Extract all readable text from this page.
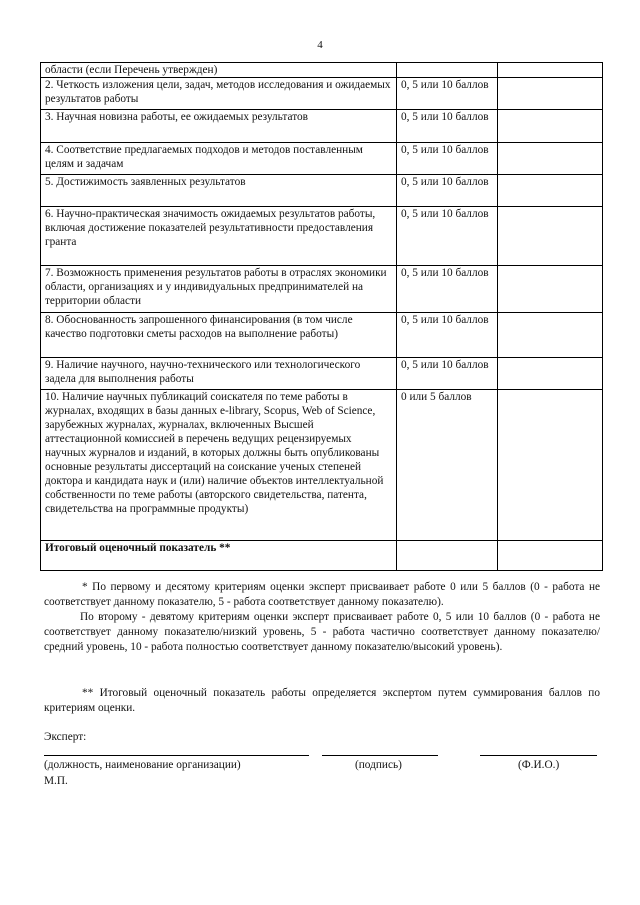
4
области (если Перечень утвержден)		
2. Четкость изложения цели, задач, методов исследования и ожидаемых результатов работы	0, 5 или 10 баллов	
3. Научная новизна работы, ее ожидаемых результатов	0, 5 или 10 баллов	
4. Соответствие предлагаемых подходов и методов поставленным целям и задачам	0, 5 или 10 баллов	
5. Достижимость заявленных результатов	0, 5 или 10 баллов	
6. Научно-практическая значимость ожидаемых результатов работы, включая достижение показателей результативности предоставления гранта	0, 5 или 10 баллов	
7. Возможность применения результатов работы в отраслях экономики области, организациях и у индивидуальных предпринимателей на территории области	0, 5 или 10 баллов	
8. Обоснованность запрошенного финансирования (в том числе качество подготовки сметы расходов на выполнение работы)	0, 5 или 10 баллов	
9. Наличие научного, научно-технического или технологического задела для выполнения работы	0, 5 или 10 баллов	
10. Наличие научных публикаций соискателя по теме работы в журналах, входящих в базы данных e-library, Scopus, Web of Science, зарубежных журналах, журналах, включенных Высшей аттестационной комиссией в перечень ведущих рецензируемых научных журналов и изданий, в которых должны быть опубликованы основные результаты диссертаций на соискание ученых степеней доктора и кандидата наук и (или) наличие объектов интеллектуальной собственности по теме работы (авторского свидетельства, патента, свидетельства на программные продукты)	0 или 5 баллов	
Итоговый оценочный показатель **		

* По первому и десятому критериям оценки эксперт присваивает работе 0 или 5 баллов (0 - работа не соответствует данному показателю, 5 - работа соответствует данному показателю).

По второму - девятому критериям оценки эксперт присваивает работе 0, 5 или 10 баллов (0 - работа не соответствует данному показателю/низкий уровень, 5 - работа частично соответствует данному показателю/средний уровень, 10 - работа полностью соответствует данному показателю/высокий уровень).

** Итоговый оценочный показатель работы определяется экспертом путем суммирования баллов по критериям оценки.

Эксперт:
(должность, наименование организации)	(подпись)	(Ф.И.О.)
М.П.
